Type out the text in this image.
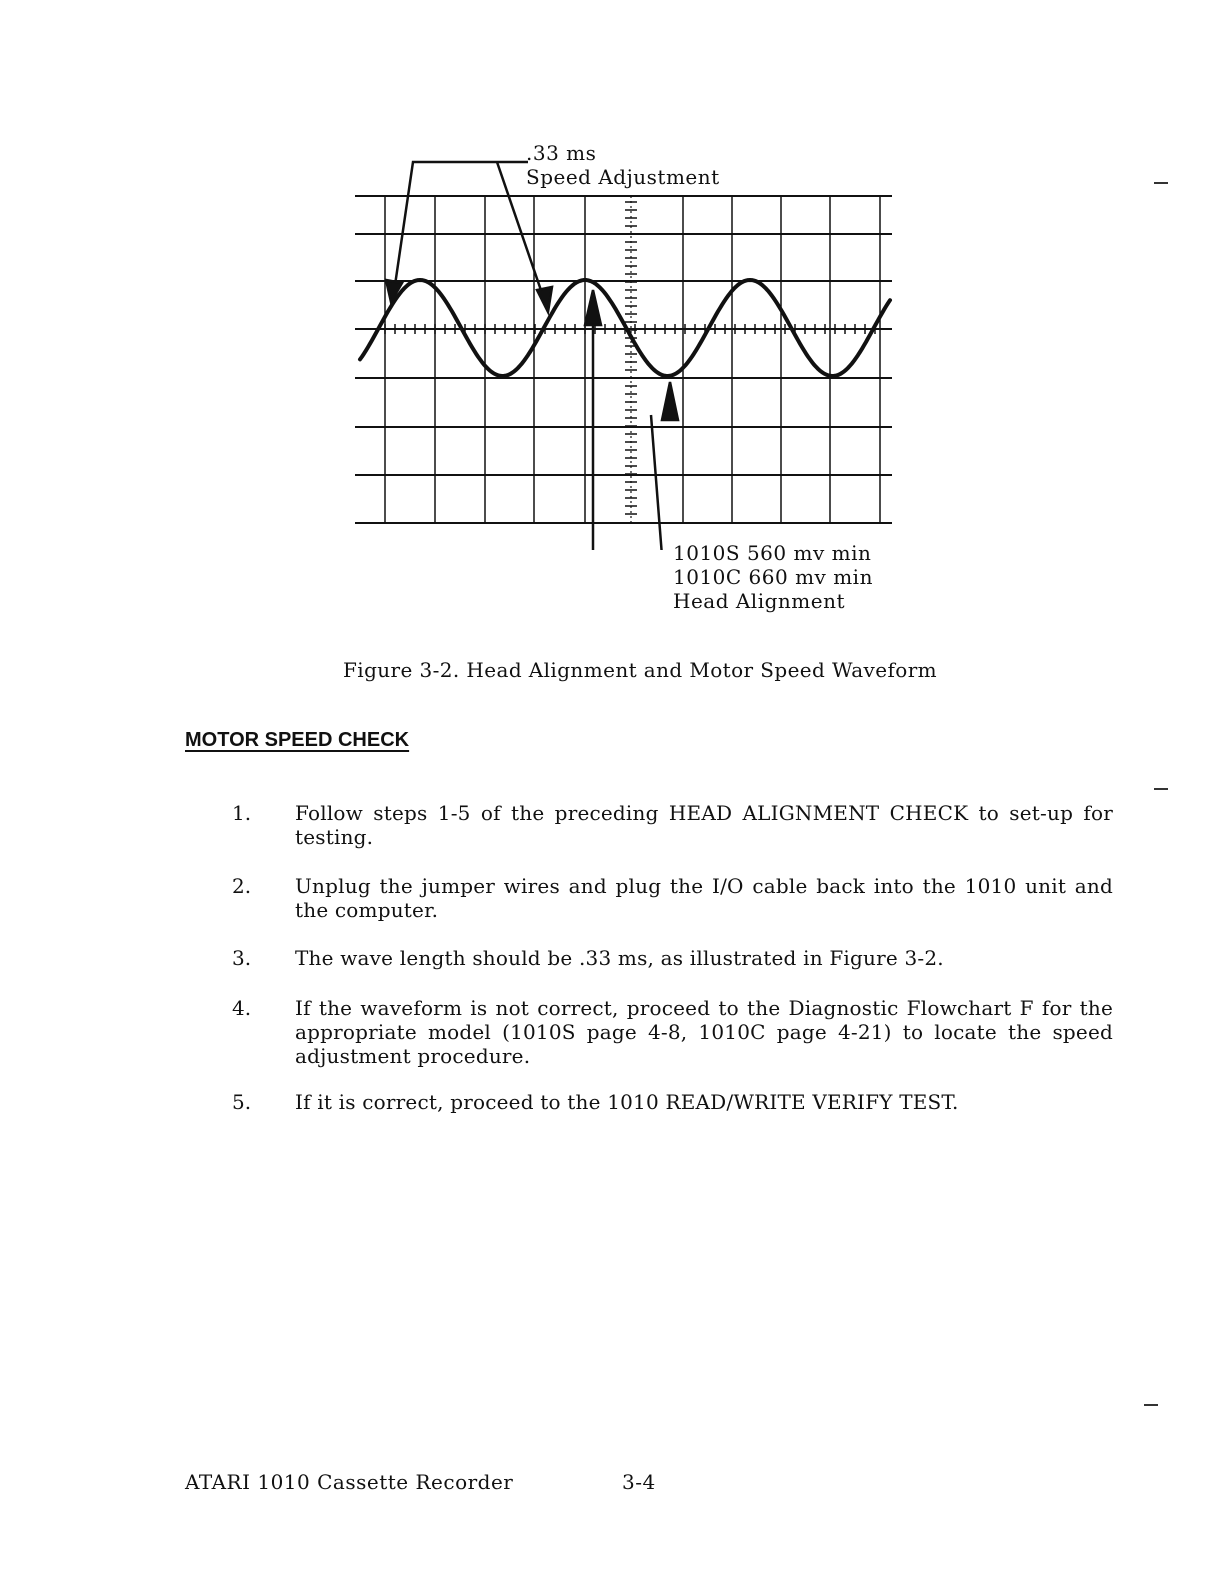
.33 ms
Speed Adjustment
1010S 560 mv min
1010C 660 mv min
Head Alignment
Figure 3-2. Head Alignment and Motor Speed Waveform
MOTOR SPEED CHECK
1. Follow steps 1-5 of the preceding HEAD ALIGNMENT CHECK to set-up for testing.
2. Unplug the jumper wires and plug the I/O cable back into the 1010 unit and the computer.
3. The wave length should be .33 ms, as illustrated in Figure 3-2.
4. If the waveform is not correct, proceed to the Diagnostic Flowchart F for the appropriate model (1010S page 4-8, 1010C page 4-21) to locate the speed adjustment procedure.
5. If it is correct, proceed to the 1010 READ/WRITE VERIFY TEST.
ATARI 1010 Cassette Recorder	3-4
